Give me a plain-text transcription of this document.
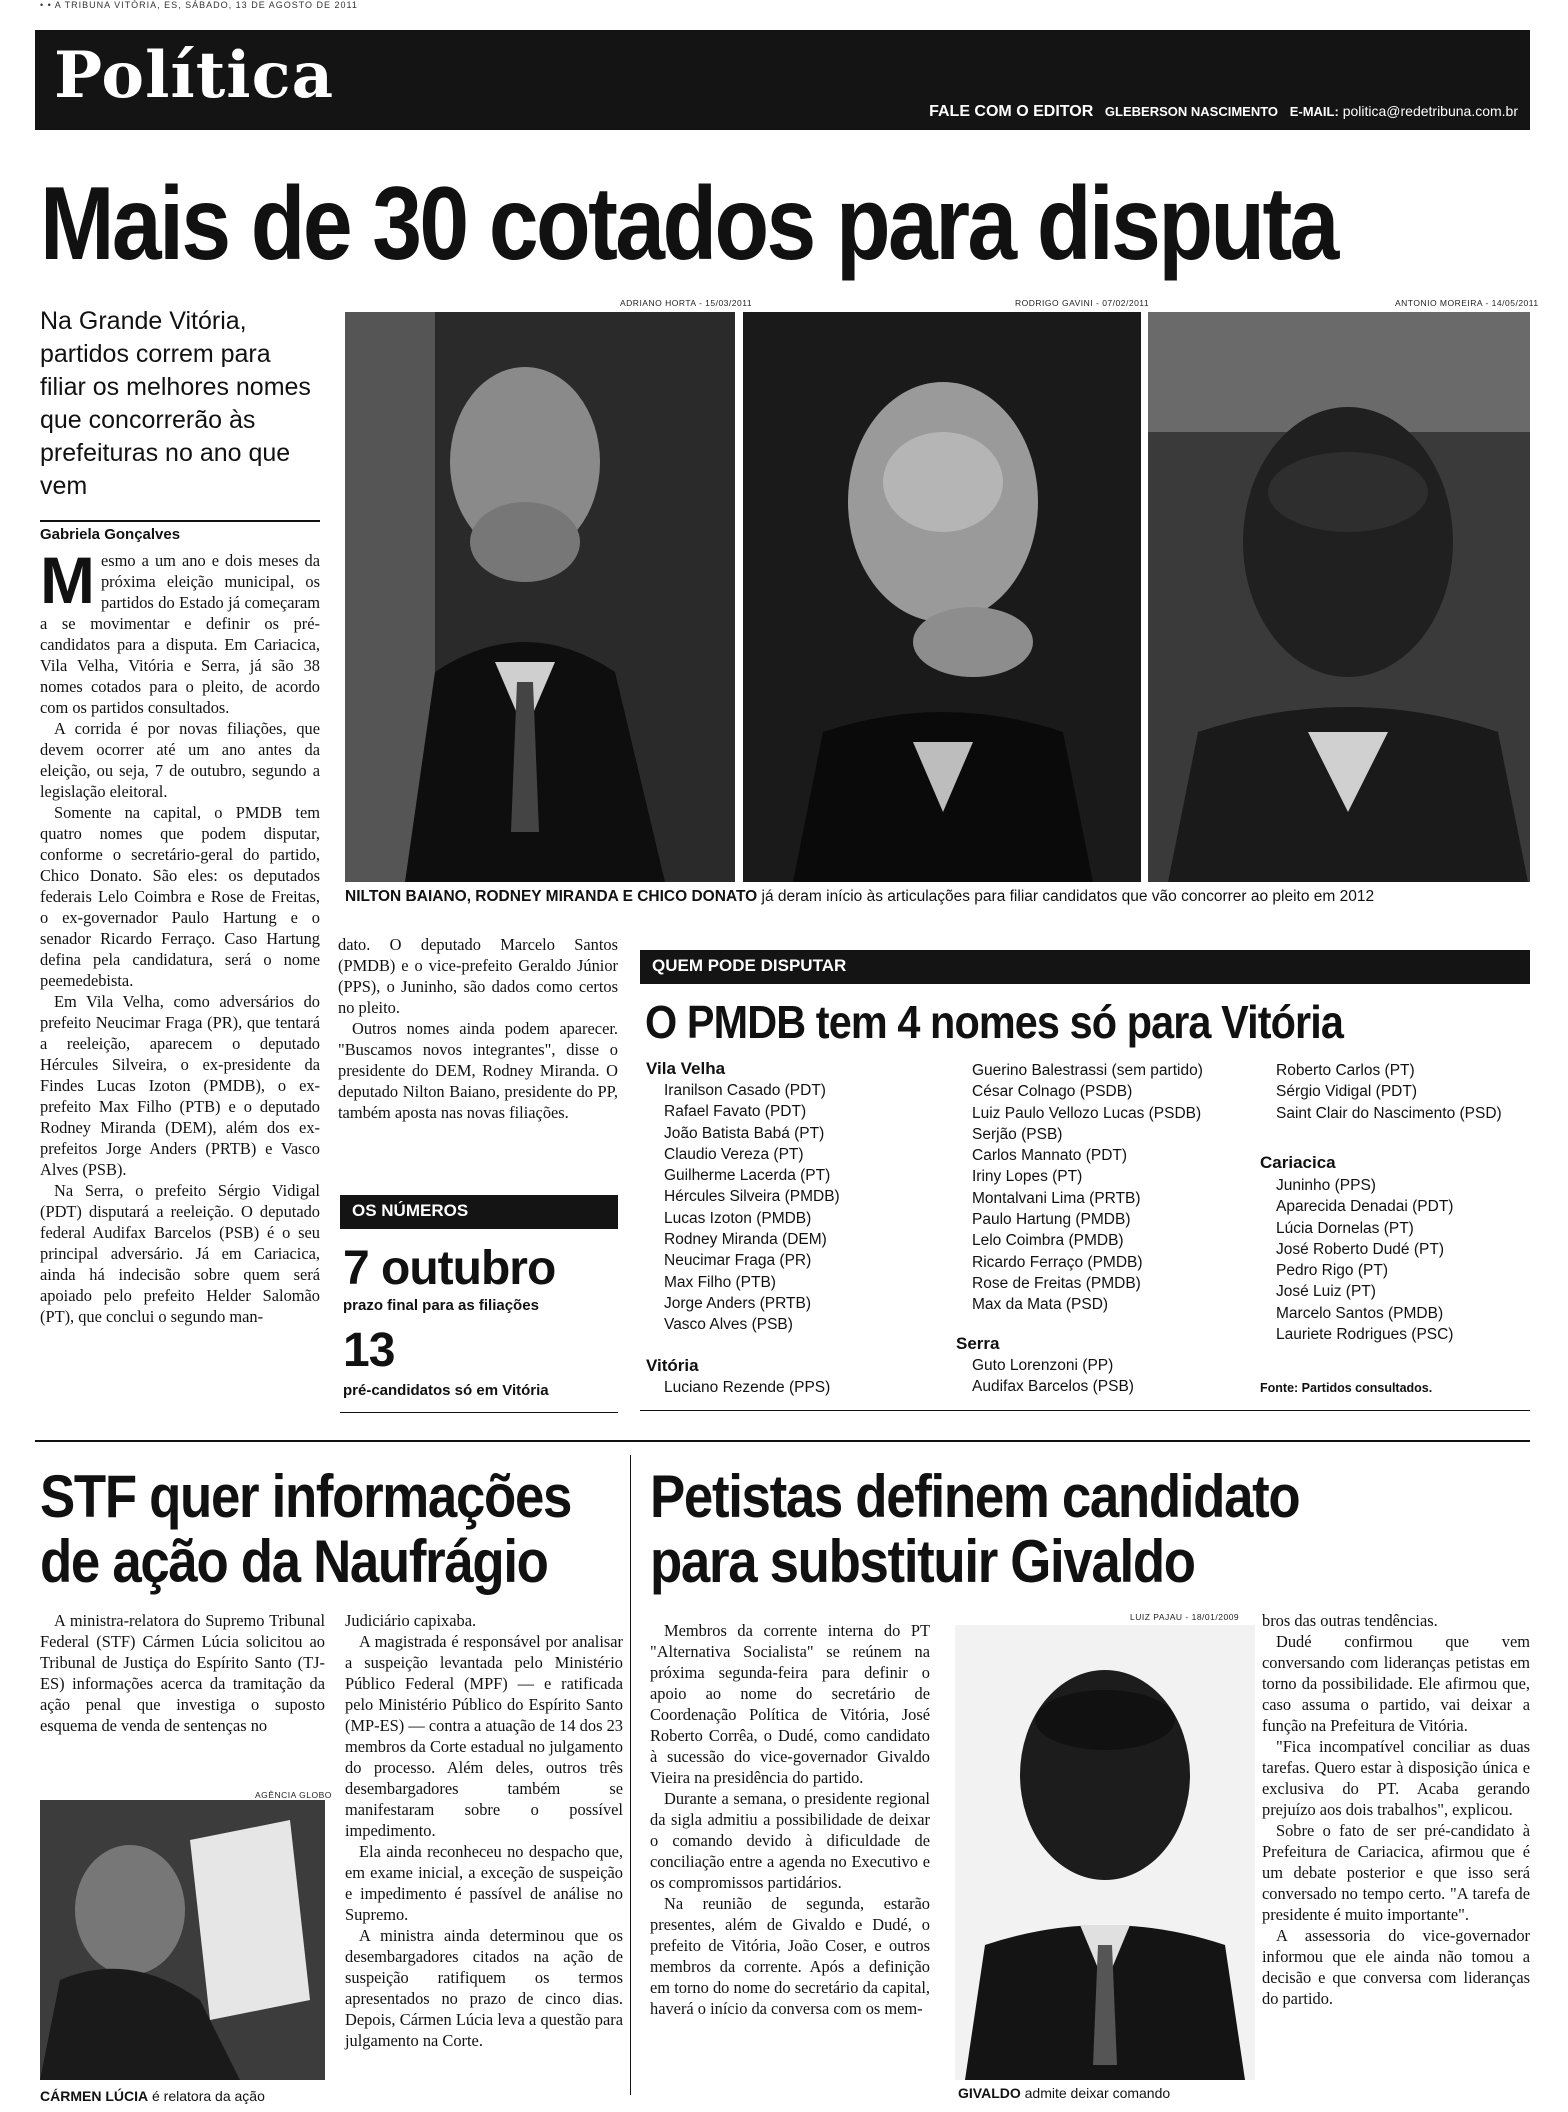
• • A TRIBUNA VITÓRIA, ES, SÁBADO, 13 DE AGOSTO DE 2011
Política	FALE COM O EDITOR GLEBERSON NASCIMENTO E-MAIL: politica@redetribuna.com.br
Mais de 30 cotados para disputa
Na Grande Vitória, partidos correm para filiar os melhores nomes que concorrerão às prefeituras no ano que vem
Gabriela Gonçalves

Mesmo a um ano e dois meses da próxima eleição municipal, os partidos do Estado já começaram a se movimentar e definir os pré-candidatos para a disputa. Em Cariacica, Vila Velha, Vitória e Serra, já são 38 nomes cotados para o pleito, de acordo com os partidos consultados.

A corrida é por novas filiações, que devem ocorrer até um ano antes da eleição, ou seja, 7 de outubro, segundo a legislação eleitoral.

Somente na capital, o PMDB tem quatro nomes que podem disputar, conforme o secretário-geral do partido, Chico Donato. São eles: os deputados federais Lelo Coimbra e Rose de Freitas, o ex-governador Paulo Hartung e o senador Ricardo Ferraço. Caso Hartung defina pela candidatura, será o nome peemedebista.

Em Vila Velha, como adversários do prefeito Neucimar Fraga (PR), que tentará a reeleição, aparecem o deputado Hércules Silveira, o ex-presidente da Findes Lucas Izoton (PMDB), o ex-prefeito Max Filho (PTB) e o deputado Rodney Miranda (DEM), além dos ex-prefeitos Jorge Anders (PRTB) e Vasco Alves (PSB).

Na Serra, o prefeito Sérgio Vidigal (PDT) disputará a reeleição. O deputado federal Audifax Barcelos (PSB) é o seu principal adversário. Já em Cariacica, ainda há indecisão sobre quem será apoiado pelo prefeito Helder Salomão (PT), que conclui o segundo man-

ADRIANO HORTA - 15/03/2011	RODRIGO GAVINI - 07/02/2011	ANTONIO MOREIRA - 14/05/2011
NILTON BAIANO, RODNEY MIRANDA E CHICO DONATO já deram início às articulações para filiar candidatos que vão concorrer ao pleito em 2012

dato. O deputado Marcelo Santos (PMDB) e o vice-prefeito Geraldo Júnior (PPS), o Juninho, são dados como certos no pleito.

Outros nomes ainda podem aparecer. "Buscamos novos integrantes", disse o presidente do DEM, Rodney Miranda. O deputado Nilton Baiano, presidente do PP, também aposta nas novas filiações.

OS NÚMEROS
7 outubro
prazo final para as filiações
13
pré-candidatos só em Vitória
QUEM PODE DISPUTAR
O PMDB tem 4 nomes só para Vitória
Vila Velha
Iranilson Casado (PDT)
Rafael Favato (PDT)
João Batista Babá (PT)
Claudio Vereza (PT)
Guilherme Lacerda (PT)
Hércules Silveira (PMDB)
Lucas Izoton (PMDB)
Rodney Miranda (DEM)
Neucimar Fraga (PR)
Max Filho (PTB)
Jorge Anders (PRTB)
Vasco Alves (PSB)
Vitória
Luciano Rezende (PPS)
Guerino Balestrassi (sem partido)
César Colnago (PSDB)
Luiz Paulo Vellozo Lucas (PSDB)
Serjão (PSB)
Carlos Mannato (PDT)
Iriny Lopes (PT)
Montalvani Lima (PRTB)
Paulo Hartung (PMDB)
Lelo Coimbra (PMDB)
Ricardo Ferraço (PMDB)
Rose de Freitas (PMDB)
Max da Mata (PSD)
Serra
Guto Lorenzoni (PP)
Audifax Barcelos (PSB)
Roberto Carlos (PT)
Sérgio Vidigal (PDT)
Saint Clair do Nascimento (PSD)
Cariacica
Juninho (PPS)
Aparecida Denadai (PDT)
Lúcia Dornelas (PT)
José Roberto Dudé (PT)
Pedro Rigo (PT)
José Luiz (PT)
Marcelo Santos (PMDB)
Lauriete Rodrigues (PSC)
Fonte: Partidos consultados.
STF quer informações
de ação da Naufrágio

A ministra-relatora do Supremo Tribunal Federal (STF) Cármen Lúcia solicitou ao Tribunal de Justiça do Espírito Santo (TJ-ES) informações acerca da tramitação da ação penal que investiga o suposto esquema de venda de sentenças no

AGÊNCIA GLOBO
CÁRMEN LÚCIA é relatora da ação

Judiciário capixaba.

A magistrada é responsável por analisar a suspeição levantada pelo Ministério Público Federal (MPF) — e ratificada pelo Ministério Público do Espírito Santo (MP-ES) — contra a atuação de 14 dos 23 membros da Corte estadual no julgamento do processo. Além deles, outros três desembargadores também se manifestaram sobre o possível impedimento.

Ela ainda reconheceu no despacho que, em exame inicial, a exceção de suspeição e impedimento é passível de análise no Supremo.

A ministra ainda determinou que os desembargadores citados na ação de suspeição ratifiquem os termos apresentados no prazo de cinco dias. Depois, Cármen Lúcia leva a questão para julgamento na Corte.

Petistas definem candidato
para substituir Givaldo

Membros da corrente interna do PT "Alternativa Socialista" se reúnem na próxima segunda-feira para definir o apoio ao nome do secretário de Coordenação Política de Vitória, José Roberto Corrêa, o Dudé, como candidato à sucessão do vice-governador Givaldo Vieira na presidência do partido.

Durante a semana, o presidente regional da sigla admitiu a possibilidade de deixar o comando devido à dificuldade de conciliação entre a agenda no Executivo e os compromissos partidários.

Na reunião de segunda, estarão presentes, além de Givaldo e Dudé, o prefeito de Vitória, João Coser, e outros membros da corrente. Após a definição em torno do nome do secretário da capital, haverá o início da conversa com os mem-

LUIZ PAJAU - 18/01/2009
GIVALDO admite deixar comando

bros das outras tendências.

Dudé confirmou que vem conversando com lideranças petistas em torno da possibilidade. Ele afirmou que, caso assuma o partido, vai deixar a função na Prefeitura de Vitória.

"Fica incompatível conciliar as duas tarefas. Quero estar à disposição única e exclusiva do PT. Acaba gerando prejuízo aos dois trabalhos", explicou.

Sobre o fato de ser pré-candidato à Prefeitura de Cariacica, afirmou que é um debate posterior e que isso será conversado no tempo certo. "A tarefa de presidente é muito importante".

A assessoria do vice-governador informou que ele ainda não tomou a decisão e que conversa com lideranças do partido.
